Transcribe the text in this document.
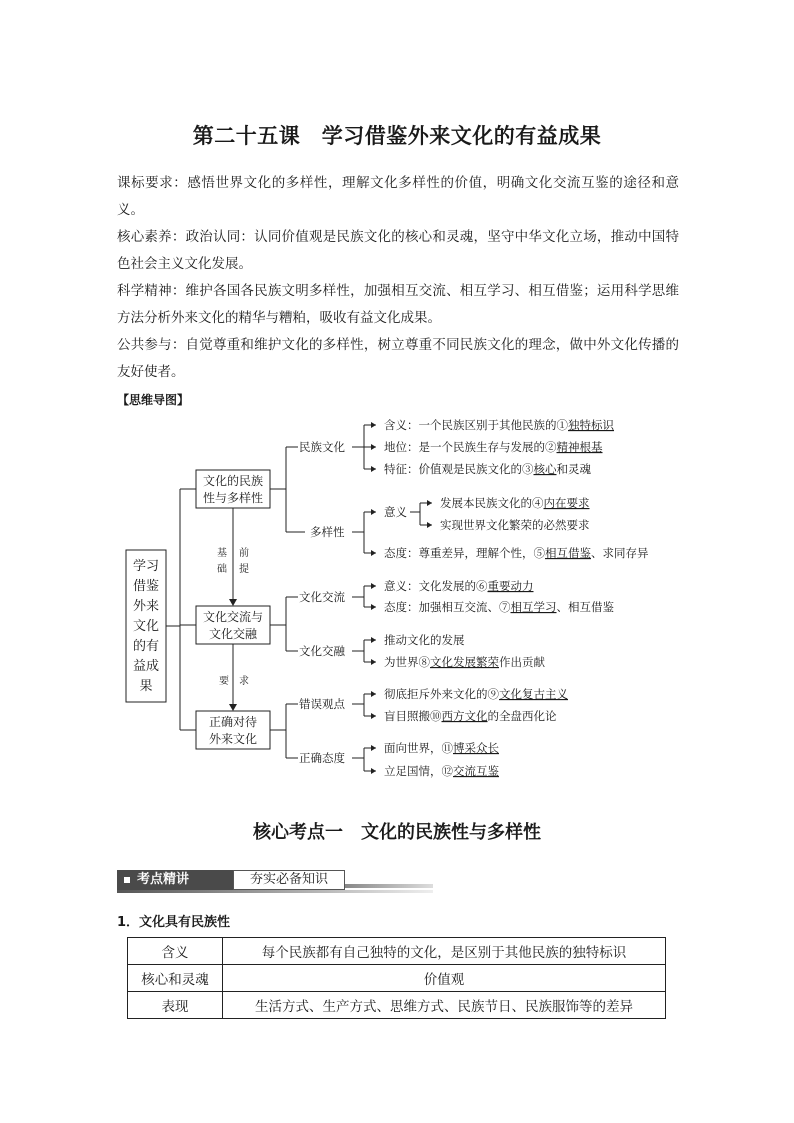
第二十五课　学习借鉴外来文化的有益成果

课标要求：感悟世界文化的多样性，理解文化多样性的价值，明确文化交流互鉴的途径和意义。

核心素养：政治认同：认同价值观是民族文化的核心和灵魂，坚守中华文化立场，推动中国特色社会主义文化发展。

科学精神：维护各国各民族文明多样性，加强相互交流、相互学习、相互借鉴；运用科学思维方法分析外来文化的精华与糟粕，吸收有益文化成果。

公共参与：自觉尊重和维护文化的多样性，树立尊重不同民族文化的理念，做中外文化传播的友好使者。

【思维导图】
学习
借鉴
外来
文化
的有
益成
果
文化的民族
性与多样性
文化交流与
文化交融
正确对待
外来文化
基
础
前
提
要 求
民族文化
多样性
意义
文化交流
文化交融
错误观点
正确态度
含义：一个民族区别于其他民族的①独特标识
地位：是一个民族生存与发展的②精神根基
特征：价值观是民族文化的③核心和灵魂
发展本民族文化的④内在要求
实现世界文化繁荣的必然要求
态度：尊重差异，理解个性，⑤相互借鉴、求同存异
意义：文化发展的⑥重要动力
态度：加强相互交流、⑦相互学习、相互借鉴
推动文化的发展
为世界⑧文化发展繁荣作出贡献
彻底拒斥外来文化的⑨文化复古主义
盲目照搬⑩西方文化的全盘西化论
面向世界，⑪博采众长
立足国情，⑫交流互鉴
核心考点一　文化的民族性与多样性
考点精讲	夯实必备知识
1．文化具有民族性
含义	每个民族都有自己独特的文化，是区别于其他民族的独特标识
核心和灵魂	价值观
表现	生活方式、生产方式、思维方式、民族节日、民族服饰等的差异
